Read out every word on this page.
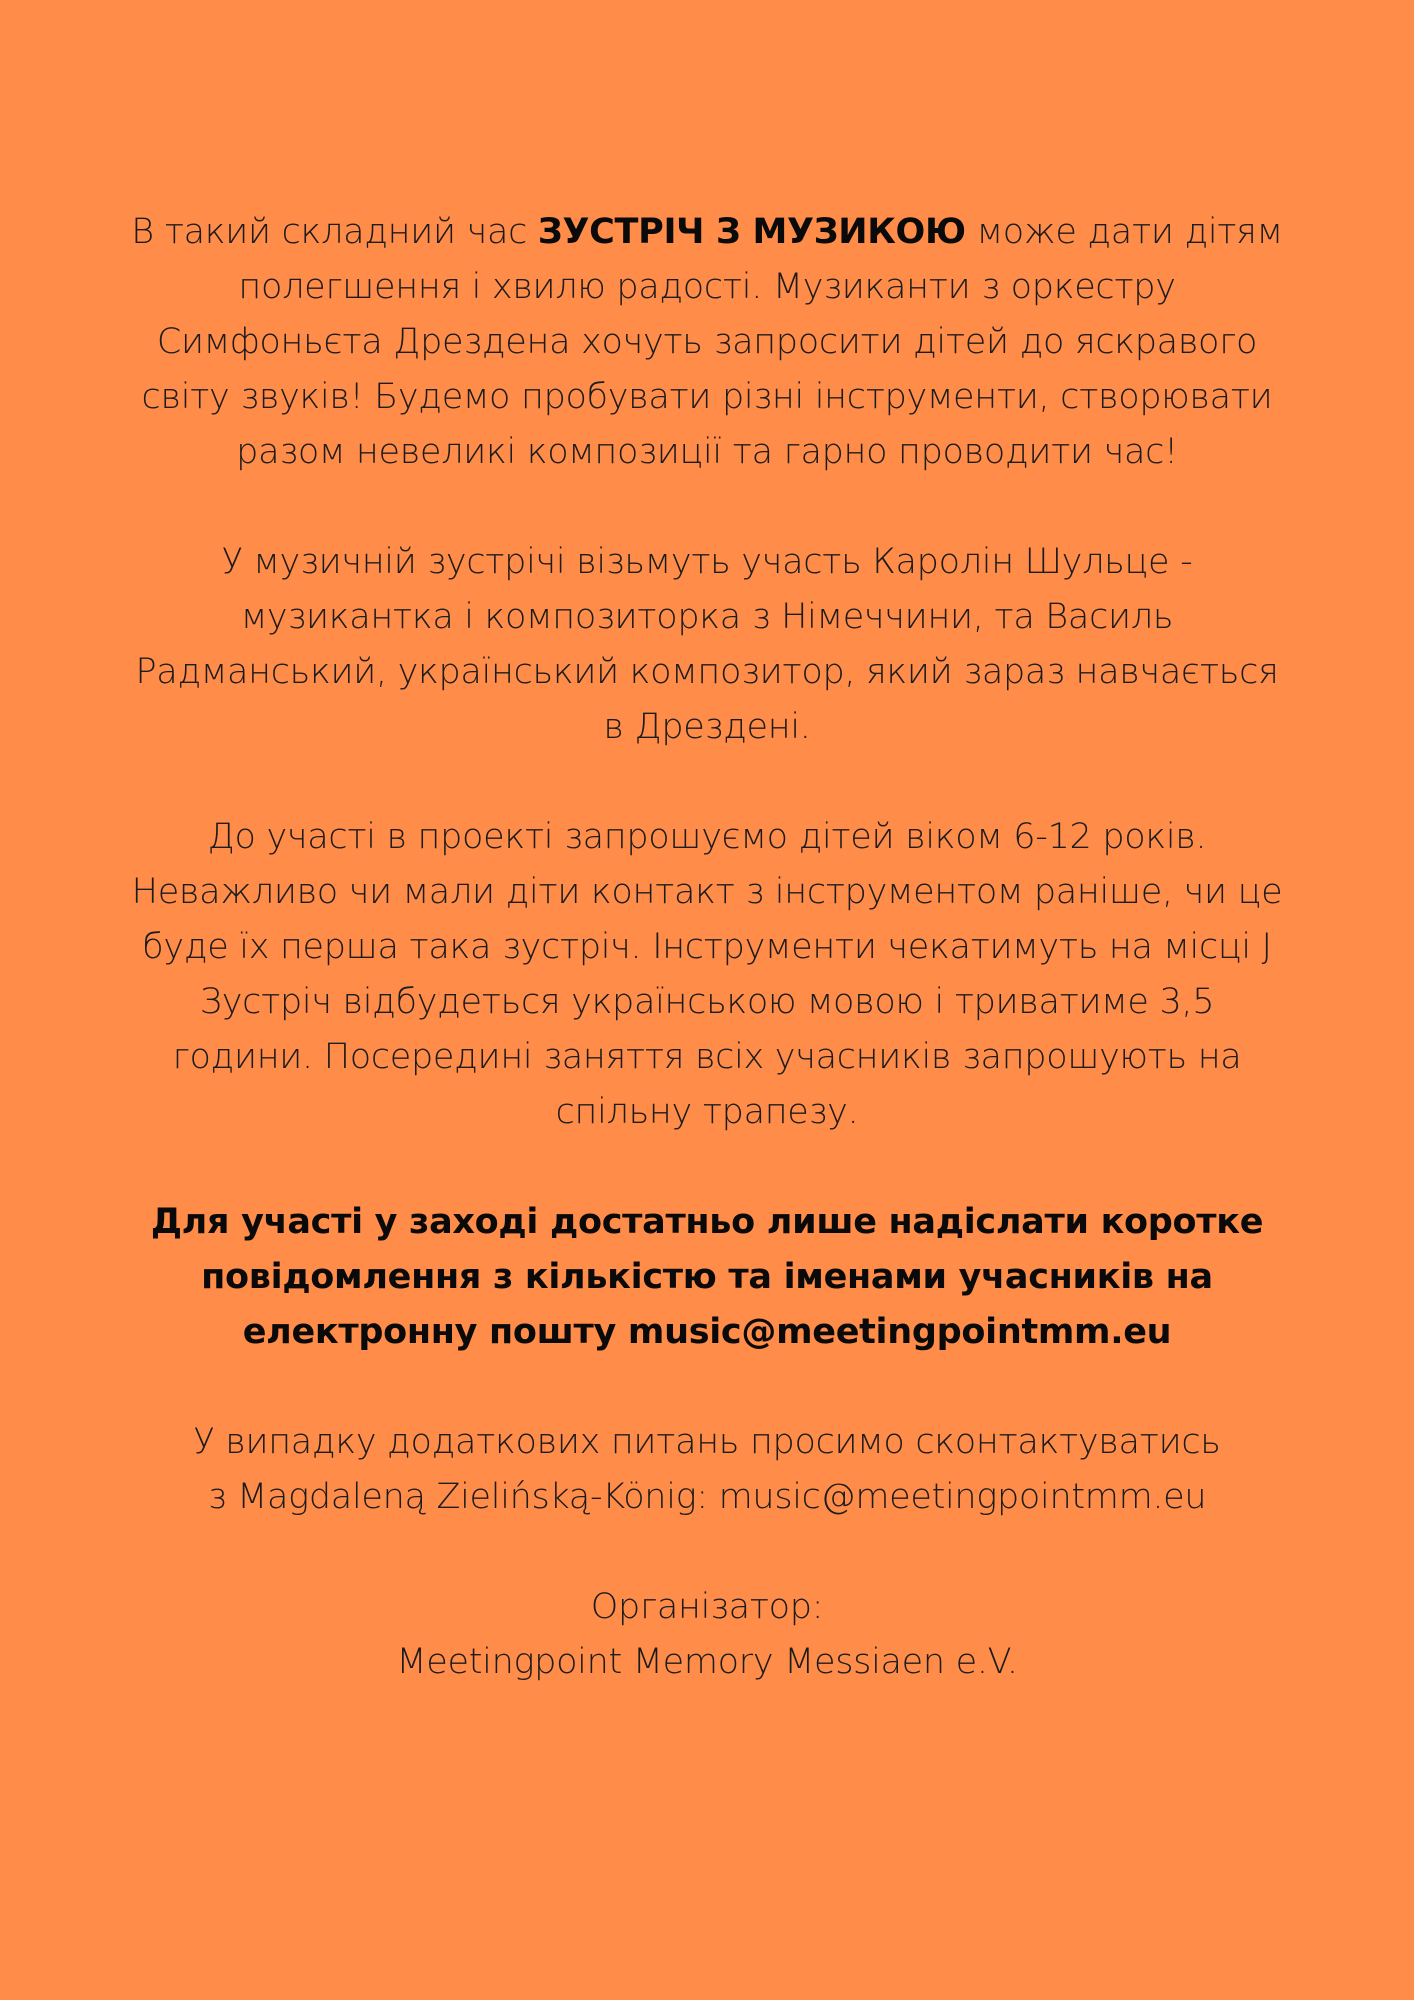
В такий складний час ЗУСТРІЧ З МУЗИКОЮ може дати дітям
полегшення і хвилю радості. Музиканти з оркестру
Симфоньєта Дрездена хочуть запросити дітей до яскравого
світу звуків! Будемо пробувати різні інструменти, створювати
разом невеликі композиції та гарно проводити час!
У музичній зустрічі візьмуть участь Каролін Шульце -
музикантка і композиторка з Німеччини, та Василь
Радманський, український композитор, який зараз навчається
в Дрездені.
До участі в проекті запрошуємо дітей віком 6-12 років.
Неважливо чи мали діти контакт з інструментом раніше, чи це
буде їх перша така зустріч. Інструменти чекатимуть на місці J
Зустріч відбудеться українською мовою і триватиме 3,5
години. Посередині заняття всіх учасників запрошують на
спільну трапезу.
Для участі у заході достатньо лише надіслати коротке
повідомлення з кількістю та іменами учасників на
електронну пошту music@meetingpointmm.eu
У випадку додаткових питань просимо сконтактуватись
з Magdaleną Zielińską-König: music@meetingpointmm.eu
Організатор:
Meetingpoint Memory Messiaen e.V.
